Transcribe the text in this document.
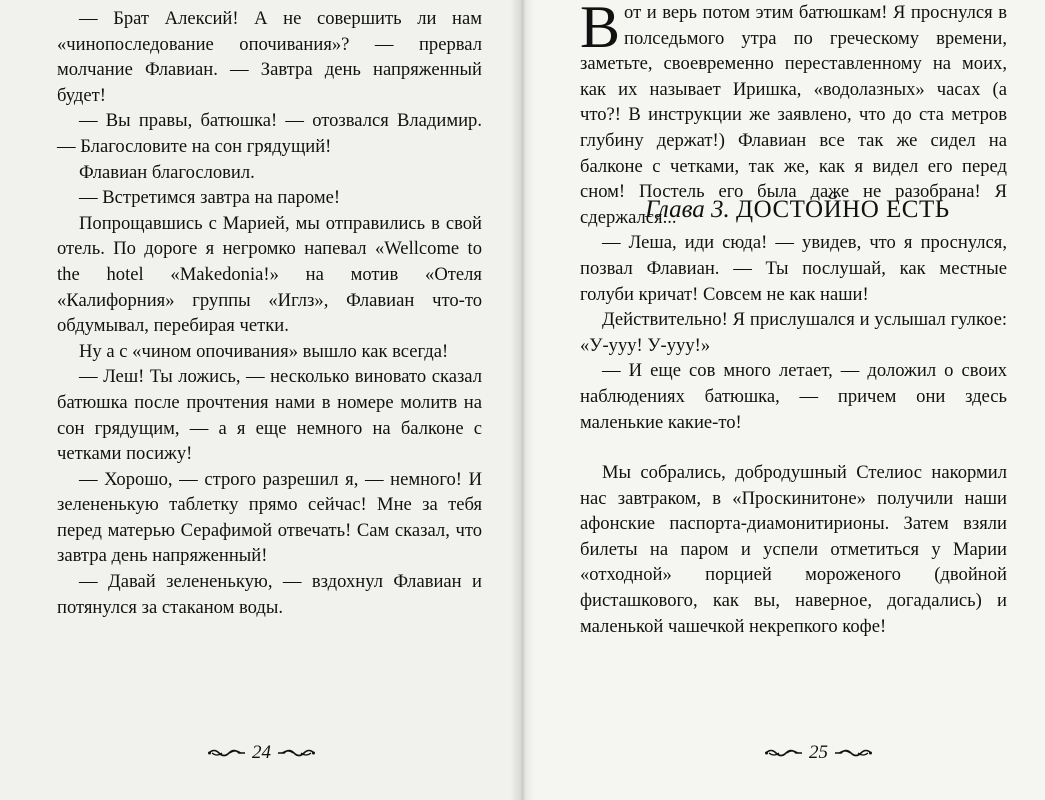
— Брат Алексий! А не совершить ли нам «чинопоследование опочивания»? — прервал молчание Флавиан. — Завтра день напряженный будет!

— Вы правы, батюшка! — отозвался Владимир. — Благословите на сон грядущий!

Флавиан благословил.

— Встретимся завтра на пароме!

Попрощавшись с Марией, мы отправились в свой отель. По дороге я негромко напевал «Wellcome to the hotel «Makedonia!» на мотив «Отеля «Калифорния» группы «Иглз», Флавиан что-то обдумывал, перебирая четки.

Ну а с «чином опочивания» вышло как всегда!

— Леш! Ты ложись, — несколько виновато сказал батюшка после прочтения нами в номере молитв на сон грядущим, — а я еще немного на балконе с четками посижу!

— Хорошо, — строго разрешил я, — немного! И зелененькую таблетку прямо сейчас! Мне за тебя перед матерью Серафимой отвечать! Сам сказал, что завтра день напряженный!

— Давай зелененькую, — вздохнул Флавиан и потянулся за стаканом воды.

24
Глава 3. ДОСТОЙНО ЕСТЬ
В от и верь потом этим батюшкам! Я проснулся в полседьмого утра по греческому времени, заметьте, своевременно переставленному на моих, как их называет Иришка, «водолазных» часах (а что?! В инструкции же заявлено, что до ста метров глубину держат!) Флавиан все так же сидел на балконе с четками, так же, как я видел его перед сном! Постель его была даже не разобрана! Я сдержался...

— Леша, иди сюда! — увидев, что я проснулся, позвал Флавиан. — Ты послушай, как местные голуби кричат! Совсем не как наши!

Действительно! Я прислушался и услышал гулкое: «У-ууу! У-ууу!»

— И еще сов много летает, — доложил о своих наблюдениях батюшка, — причем они здесь маленькие какие-то!

Мы собрались, добродушный Стелиос накормил нас завтраком, в «Проскинитоне» получили наши афонские паспорта-диамонитирионы. Затем взяли билеты на паром и успели отметиться у Марии «отходной» порцией мороженого (двойной фисташкового, как вы, наверное, догадались) и маленькой чашечкой некрепкого кофе!

25
